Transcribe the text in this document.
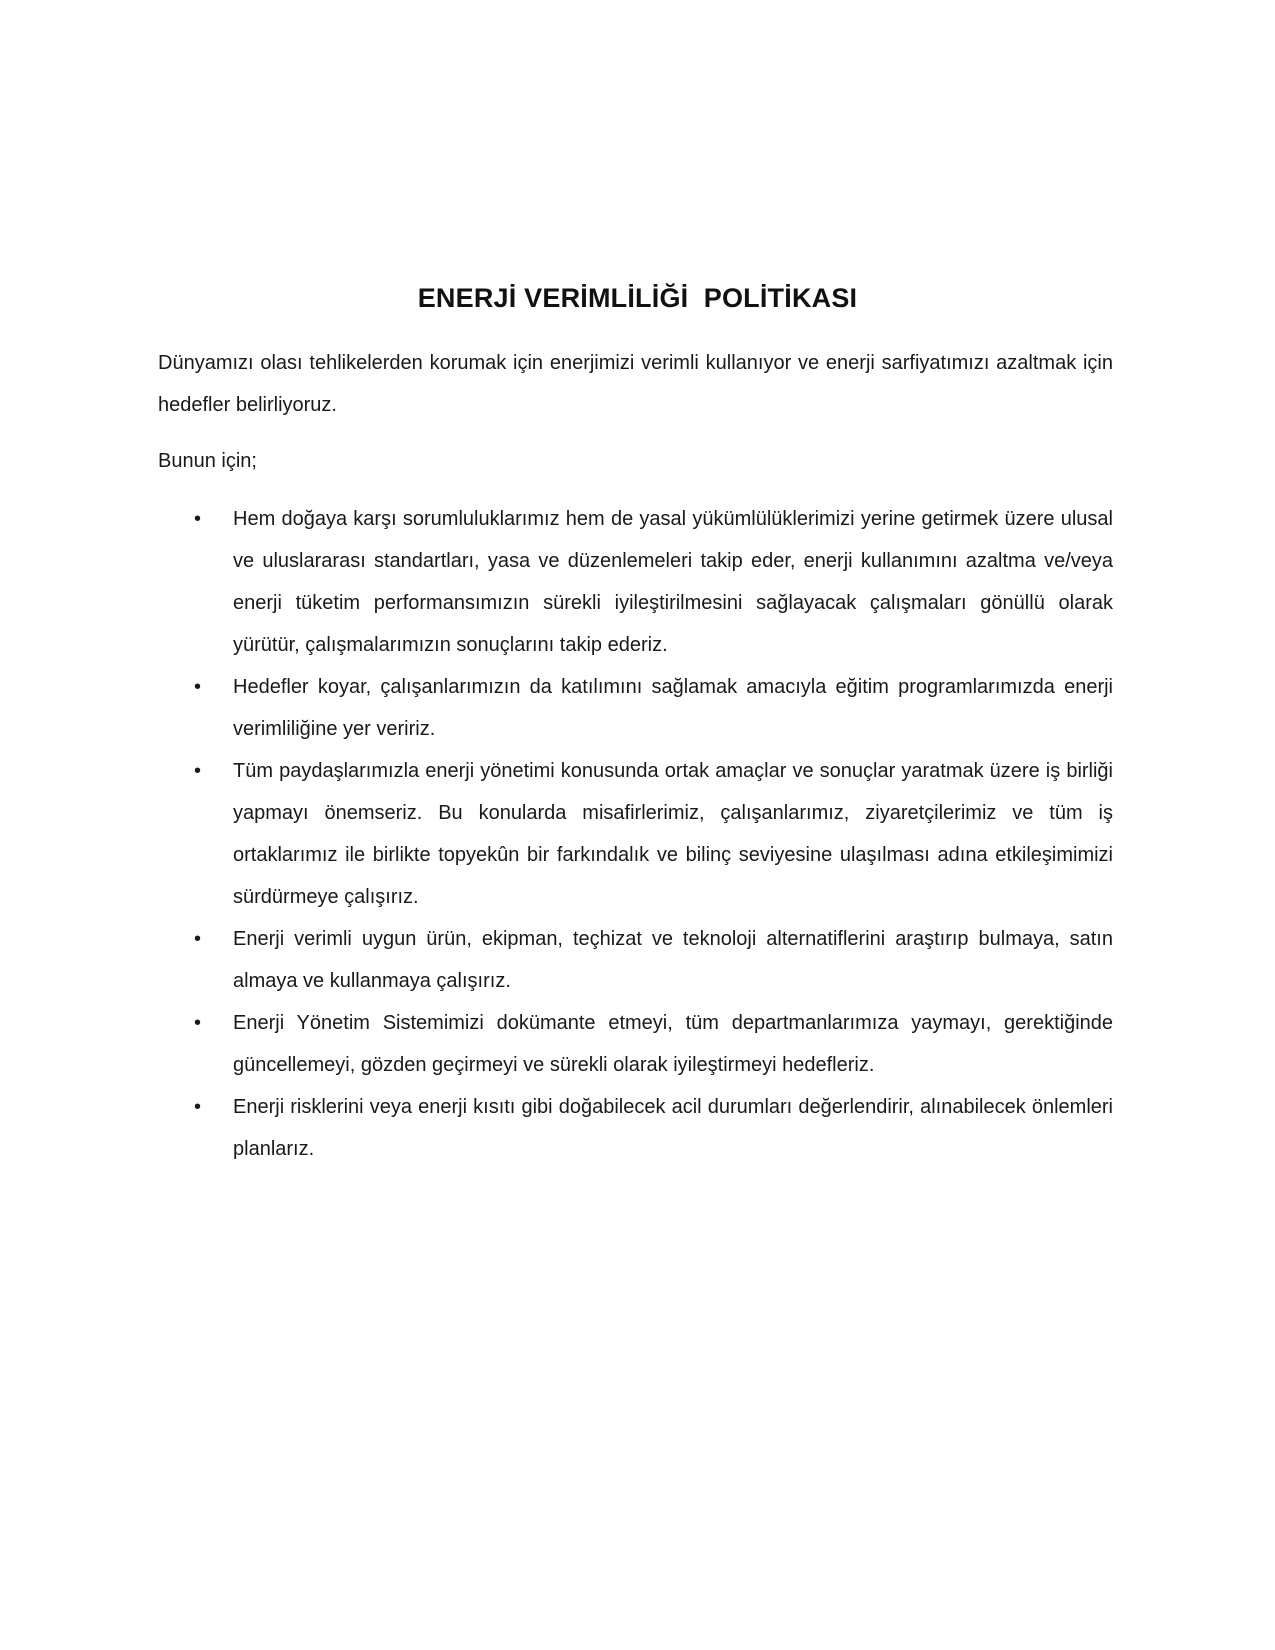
ENERJİ VERİMLİLİĞİ  POLİTİKASI

Dünyamızı olası tehlikelerden korumak için enerjimizi verimli kullanıyor ve enerji sarfiyatımızı azaltmak için hedefler belirliyoruz.

Bunun için;

• Hem doğaya karşı sorumluluklarımız hem de yasal yükümlülüklerimizi yerine getirmek üzere ulusal ve uluslararası standartları, yasa ve düzenlemeleri takip eder, enerji kullanımını azaltma ve/veya enerji tüketim performansımızın sürekli iyileştirilmesini sağlayacak çalışmaları gönüllü olarak yürütür, çalışmalarımızın sonuçlarını takip ederiz.
• Hedefler koyar, çalışanlarımızın da katılımını sağlamak amacıyla eğitim programlarımızda enerji verimliliğine yer veririz.
• Tüm paydaşlarımızla enerji yönetimi konusunda ortak amaçlar ve sonuçlar yaratmak üzere iş birliği yapmayı önemseriz. Bu konularda misafirlerimiz, çalışanlarımız, ziyaretçilerimiz ve tüm iş ortaklarımız ile birlikte topyekûn bir farkındalık ve bilinç seviyesine ulaşılması adına etkileşimimizi sürdürmeye çalışırız.
• Enerji verimli uygun ürün, ekipman, teçhizat ve teknoloji alternatiflerini araştırıp bulmaya, satın almaya ve kullanmaya çalışırız.
• Enerji Yönetim Sistemimizi dokümante etmeyi, tüm departmanlarımıza yaymayı, gerektiğinde güncellemeyi, gözden geçirmeyi ve sürekli olarak iyileştirmeyi hedefleriz.
• Enerji risklerini veya enerji kısıtı gibi doğabilecek acil durumları değerlendirir, alınabilecek önlemleri planlarız.
